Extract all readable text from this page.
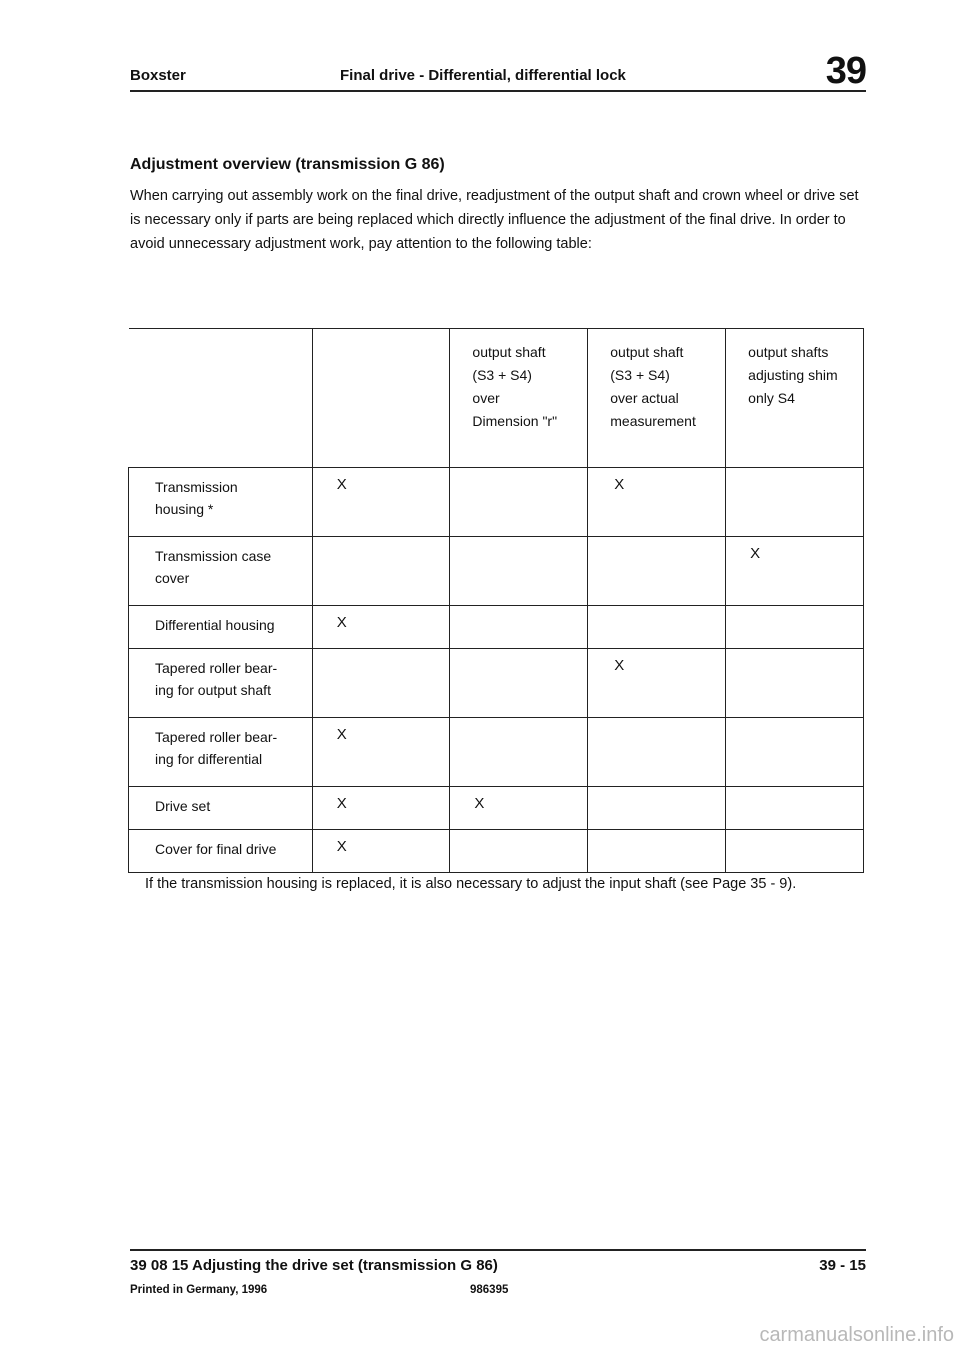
Boxster	Final drive - Differential, differential lock	39
Adjustment overview (transmission G 86)

When carrying out assembly work on the final drive, readjustment of the output shaft and crown wheel or drive set is necessary only if parts are being replaced which directly influence the adjustment of the final drive. In order to avoid unnecessary adjustment work, pay attention to the following table:

		output shaft
(S3 + S4)
over
Dimension "r"	output shaft
(S3 + S4)
over actual
measurement	output shafts
adjusting shim
only S4
Transmission
housing *	X		X	
Transmission case
cover				X
Differential housing	X			
Tapered roller bear-
ing for output shaft			X	
Tapered roller bear-
ing for differential	X			
Drive set	X	X		
Cover for final drive	X			

If the transmission housing is replaced, it is also necessary to adjust the input shaft (see Page 35 - 9).

39 08 15 Adjusting the drive set (transmission G 86)	39 - 15
Printed in Germany, 1996	986395
carmanualsonline.info
